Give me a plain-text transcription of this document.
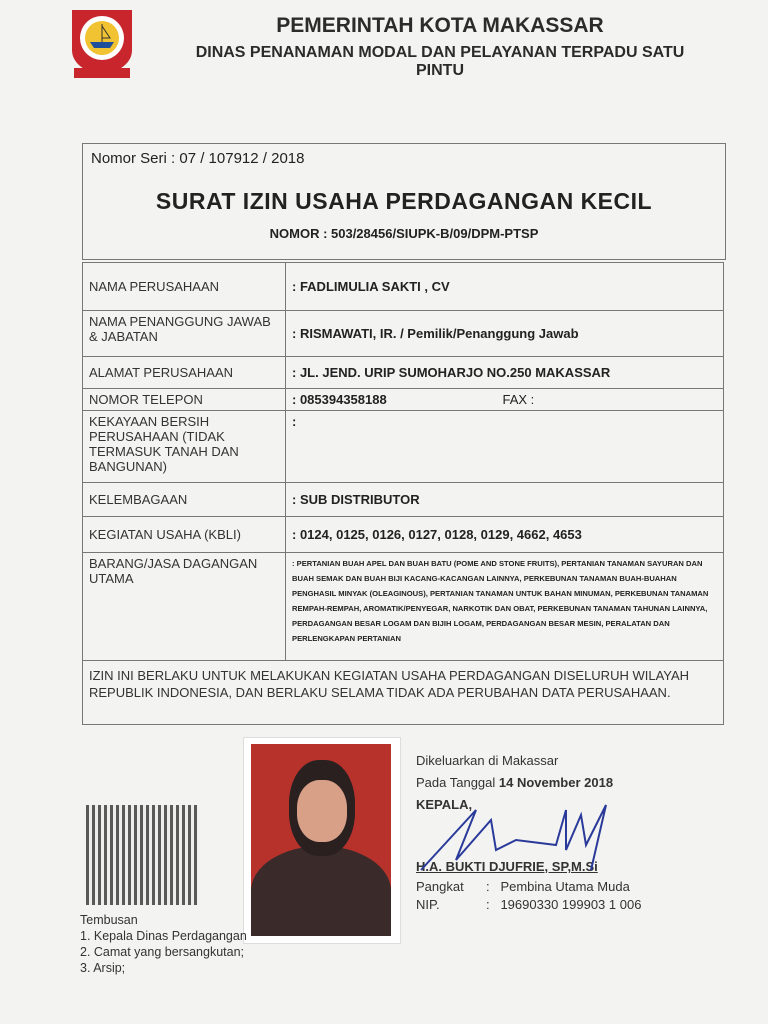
PEMERINTAH KOTA MAKASSAR
DINAS PENANAMAN MODAL DAN PELAYANAN TERPADU SATU PINTU
Nomor Seri : 07 / 107912 / 2018
SURAT IZIN USAHA PERDAGANGAN KECIL
NOMOR : 503/28456/SIUPK-B/09/DPM-PTSP
NAMA PERUSAHAAN	: FADLIMULIA SAKTI , CV
NAMA PENANGGUNG JAWAB & JABATAN	: RISMAWATI, IR. / Pemilik/Penanggung Jawab
ALAMAT PERUSAHAAN	: JL. JEND. URIP SUMOHARJO NO.250 MAKASSAR
NOMOR TELEPON	: 085394358188 FAX :

KEKAYAAN BERSIH PERUSAHAAN (TIDAK TERMASUK TANAH DAN BANGUNAN)	:
KELEMBAGAAN	: SUB DISTRIBUTOR
KEGIATAN USAHA (KBLI)	: 0124, 0125, 0126, 0127, 0128, 0129, 4662, 4653
BARANG/JASA DAGANGAN UTAMA	: PERTANIAN BUAH APEL DAN BUAH BATU (POME AND STONE FRUITS), PERTANIAN TANAMAN SAYURAN DAN BUAH SEMAK DAN BUAH BIJI KACANG-KACANGAN LAINNYA, PERKEBUNAN TANAMAN BUAH-BUAHAN PENGHASIL MINYAK (OLEAGINOUS), PERTANIAN TANAMAN UNTUK BAHAN MINUMAN, PERKEBUNAN TANAMAN REMPAH-REMPAH, AROMATIK/PENYEGAR, NARKOTIK DAN OBAT, PERKEBUNAN TANAMAN TAHUNAN LAINNYA, PERDAGANGAN BESAR LOGAM DAN BIJIH LOGAM, PERDAGANGAN BESAR MESIN, PERALATAN DAN PERLENGKAPAN PERTANIAN
IZIN INI BERLAKU UNTUK MELAKUKAN KEGIATAN USAHA PERDAGANGAN DISELURUH WILAYAH REPUBLIK INDONESIA, DAN BERLAKU SELAMA TIDAK ADA PERUBAHAN DATA PERUSAHAAN.	
Dikeluarkan di Makassar
Pada Tanggal 14 November 2018
KEPALA,
H.A. BUKTI DJUFRIE, SP,M.Si
Pangkat :   Pembina Utama Muda
NIP.	:   19690330 199903 1 006
Tembusan
1. Kepala Dinas Perdagangan
2. Camat yang bersangkutan;
3. Arsip;
